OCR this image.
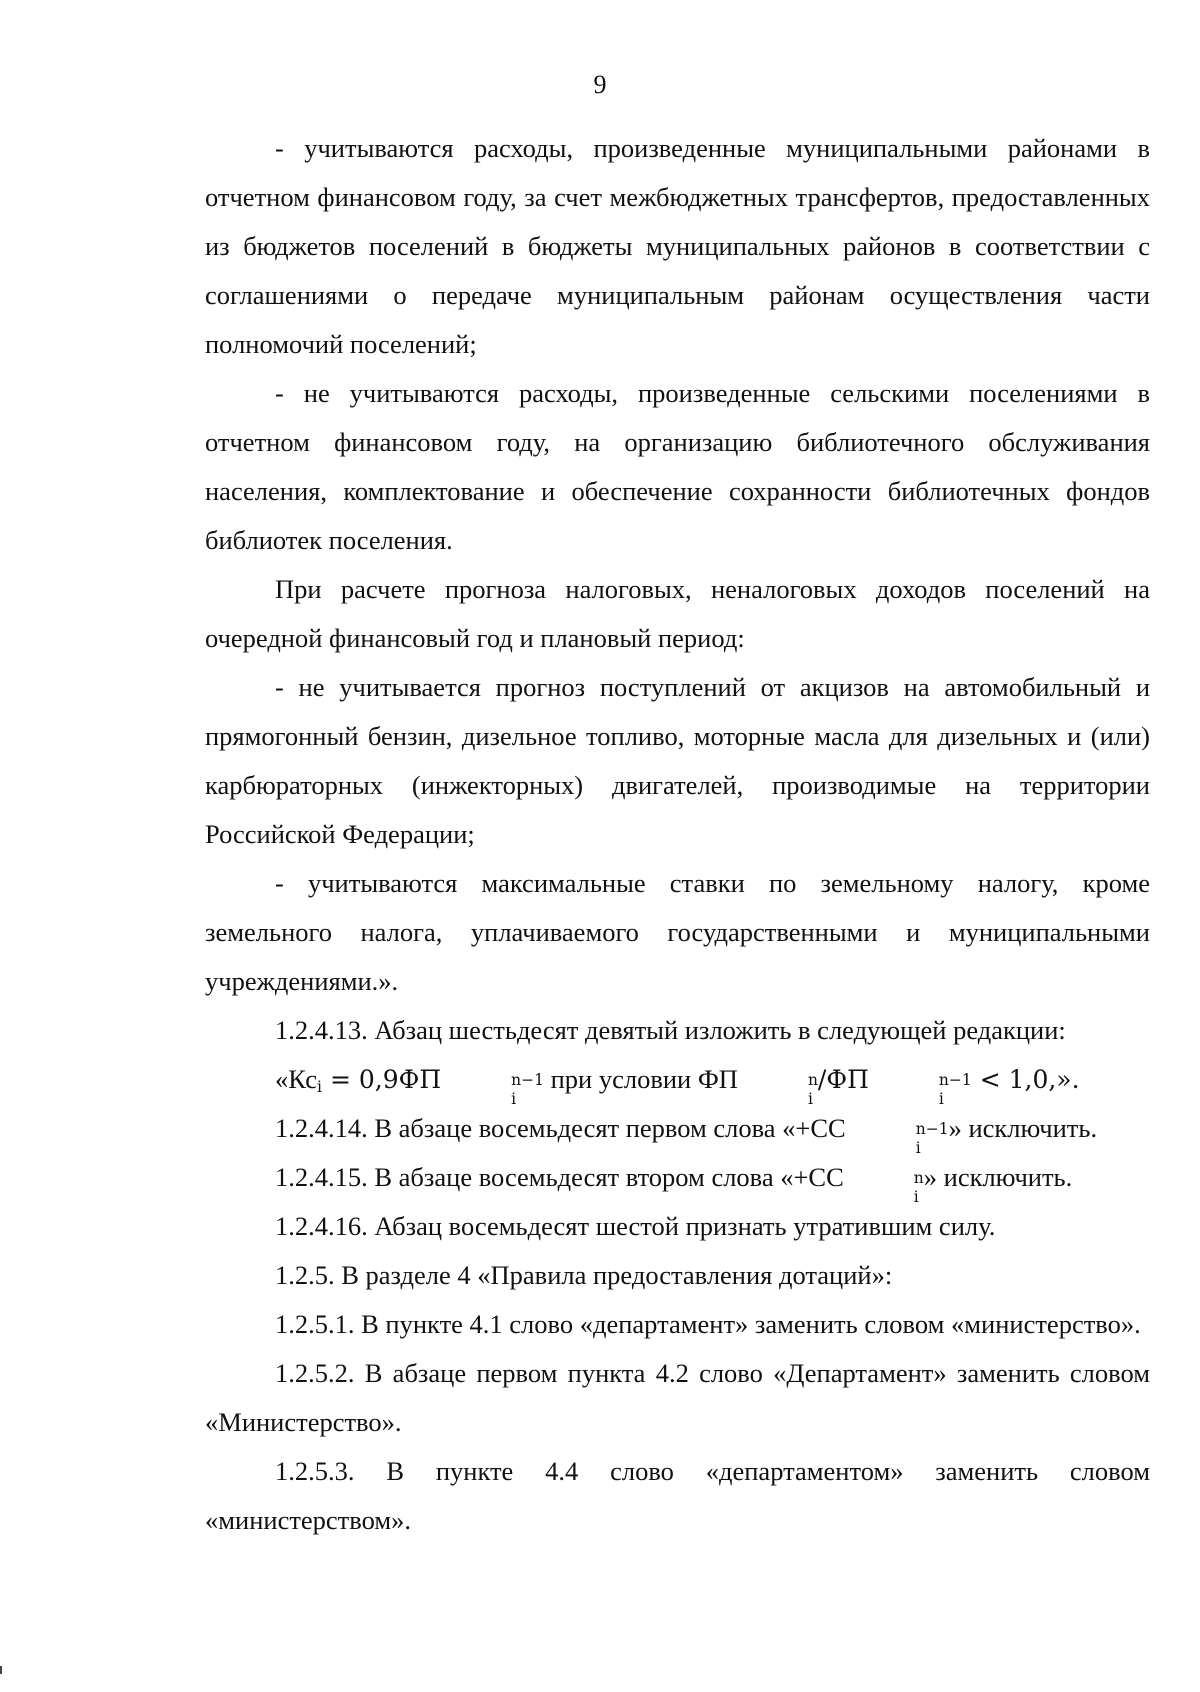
9

- учитываются расходы, произведенные муниципальными районами в отчетном финансовом году, за счет межбюджетных трансфертов, предоставленных из бюджетов поселений в бюджеты муниципальных районов в соответствии с соглашениями о передаче муниципальным районам осуществления части полномочий поселений;

- не учитываются расходы, произведенные сельскими поселениями в отчетном финансовом году, на организацию библиотечного обслуживания населения, комплектование и обеспечение сохранности библиотечных фондов библиотек поселения.

При расчете прогноза налоговых, неналоговых доходов поселений на очередной финансовый год и плановый период:

- не учитывается прогноз поступлений от акцизов на автомобильный и прямогонный бензин, дизельное топливо, моторные масла для дизельных и (или) карбюраторных (инжекторных) двигателей, производимые на территории Российской Федерации;

- учитываются максимальные ставки по земельному налогу, кроме земельного налога, уплачиваемого государственными и муниципальными учреждениями.».

1.2.4.13. Абзац шестьдесят девятый изложить в следующей редакции:

«$Кс_i = 0,9ФП$	n−1
i
при условии ФП	n
i
/ФП	n−1
i
< 1,0,».

1.2.4.14. В абзаце восемьдесят первом слова «+СС	n−1
i
» исключить.

1.2.4.15. В абзаце восемьдесят втором слова «+СС	n
i
» исключить.

1.2.4.16. Абзац восемьдесят шестой признать утратившим силу.

1.2.5. В разделе 4 «Правила предоставления дотаций»:

1.2.5.1. В пункте 4.1 слово «департамент» заменить словом «министерство».

1.2.5.2. В абзаце первом пункта 4.2 слово «Департамент» заменить словом «Министерство».

1.2.5.3. В пункте 4.4 слово «департаментом» заменить словом «министерством».
